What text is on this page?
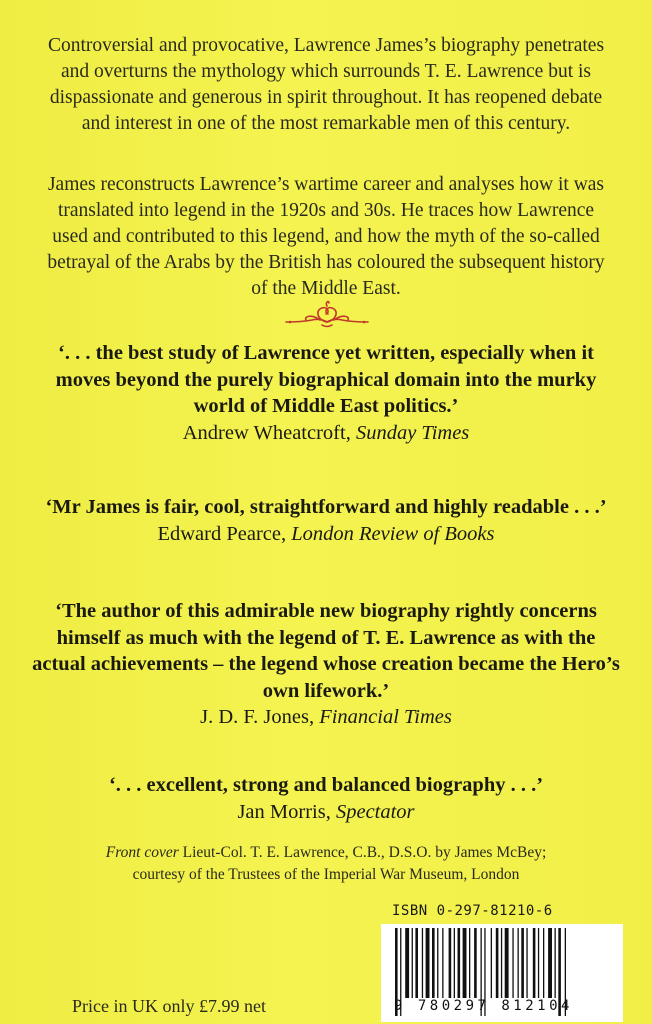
Controversial and provocative, Lawrence James’s biography penetrates and overturns the mythology which surrounds T. E. Lawrence but is dispassionate and generous in spirit throughout. It has reopened debate and interest in one of the most remarkable men of this century.

James reconstructs Lawrence’s wartime career and analyses how it was translated into legend in the 1920s and 30s. He traces how Lawrence used and contributed to this legend, and how the myth of the so-called betrayal of the Arabs by the British has coloured the subsequent history of the Middle East.

‘. . . the best study of Lawrence yet written, especially when it moves beyond the purely biographical domain into the murky world of Middle East politics.’
Andrew Wheatcroft, Sunday Times
‘Mr James is fair, cool, straightforward and highly readable . . .’
Edward Pearce, London Review of Books
‘The author of this admirable new biography rightly concerns himself as much with the legend of T. E. Lawrence as with the actual achievements – the legend whose creation became the Hero’s own lifework.’
J. D. F. Jones, Financial Times
‘. . . excellent, strong and balanced biography . . .’
Jan Morris, Spectator
Front cover Lieut-Col. T. E. Lawrence, C.B., D.S.O. by James McBey;
courtesy of the Trustees of the Imperial War Museum, London
ISBN 0-297-81210-6
9 780297 812104
Price in UK only £7.99 net
